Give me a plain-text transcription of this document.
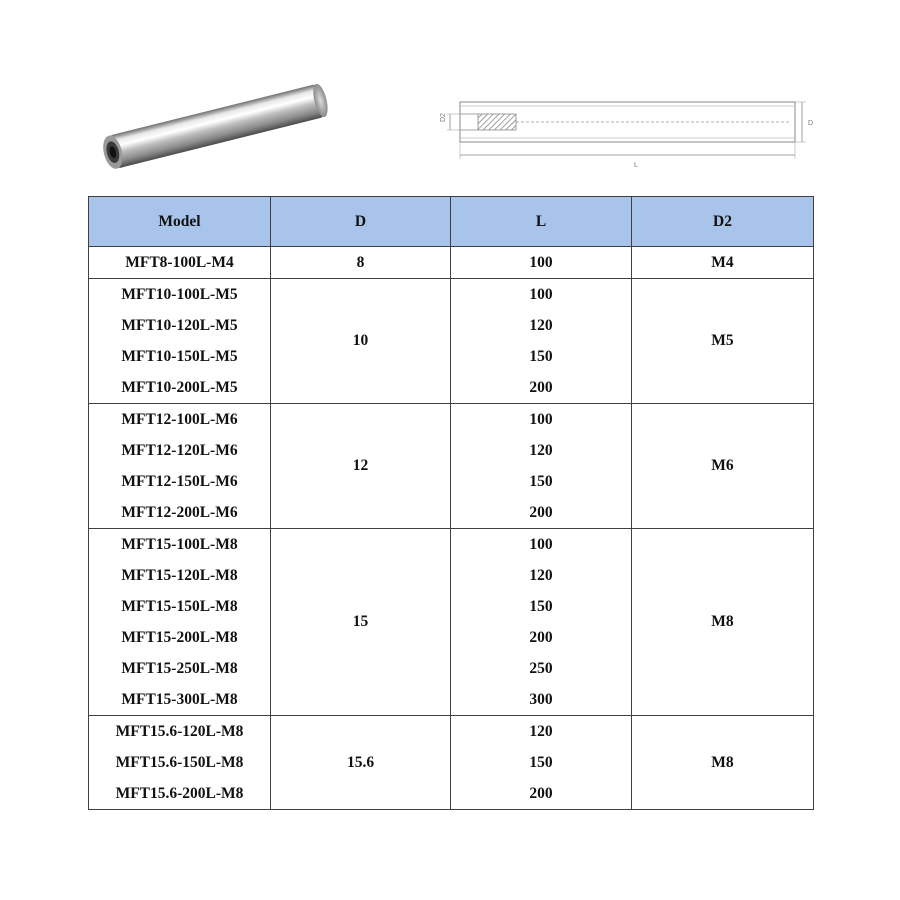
D2
D
L
Model	D	L	D2
MFT8-100L-M4	8	100	M4
MFT10-100L-M5	10	100	M5
MFT10-120L-M5		120	
MFT10-150L-M5		150	
MFT10-200L-M5		200	
MFT12-100L-M6	12	100	M6
MFT12-120L-M6		120	
MFT12-150L-M6		150	
MFT12-200L-M6		200	
MFT15-100L-M8	15	100	M8
MFT15-120L-M8		120	
MFT15-150L-M8		150	
MFT15-200L-M8		200	
MFT15-250L-M8		250	
MFT15-300L-M8		300	
MFT15.6-120L-M8	15.6	120	M8
MFT15.6-150L-M8		150	
MFT15.6-200L-M8		200	
